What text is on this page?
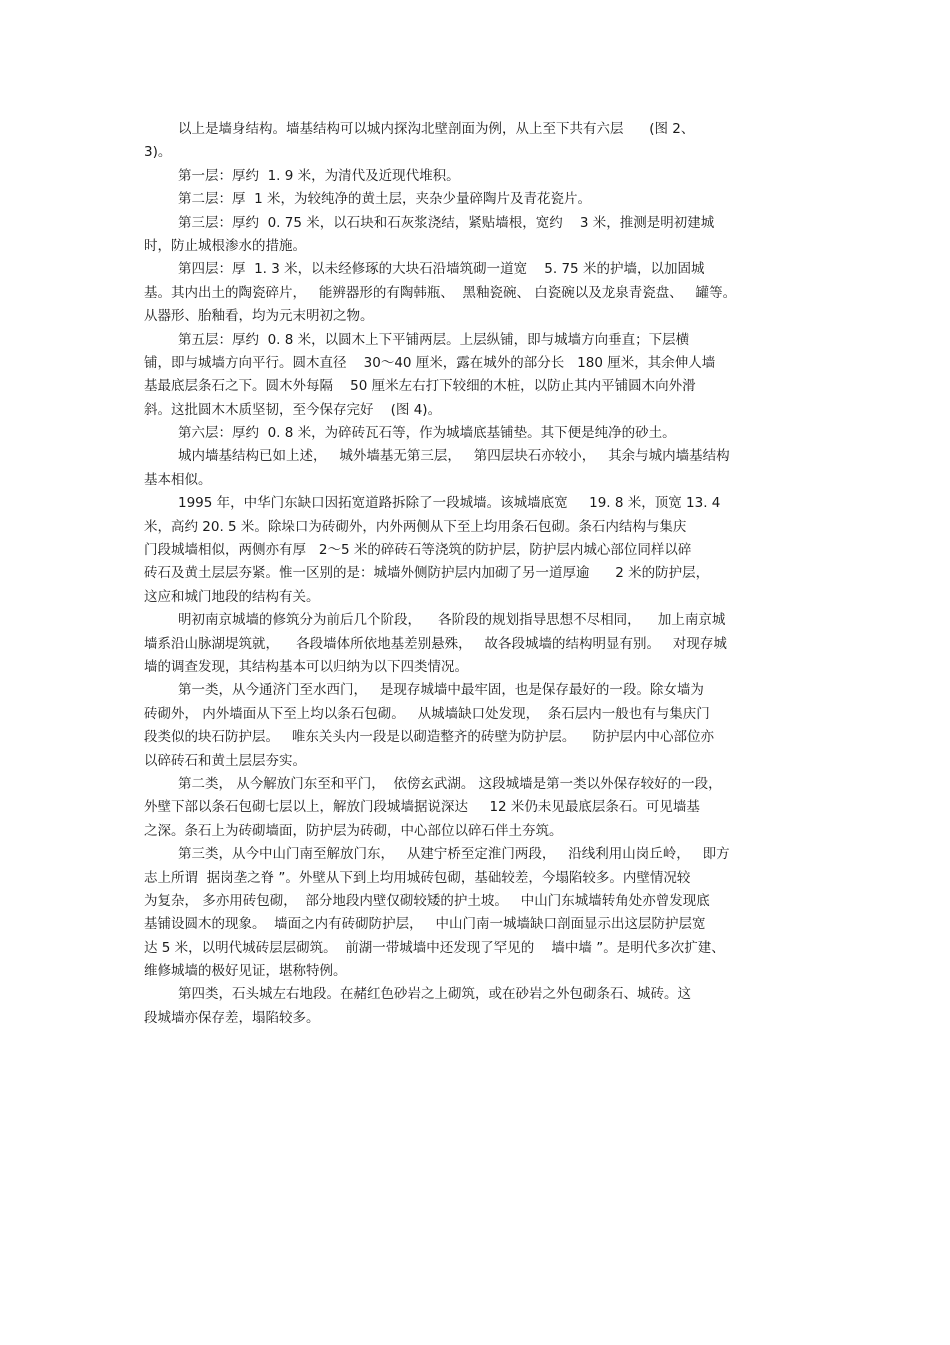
以上是墙身结构。墙基结构可以城内探沟北壁剖面为例，从上至下共有六层      (图 2、
3)。
第一层：厚约  1. 9 米，为清代及近现代堆积。
第二层：厚  1 米，为较纯净的黄土层，夹杂少量碎陶片及青花瓷片。
第三层：厚约  0. 75 米，以石块和石灰浆浇结，紧贴墙根，宽约    3 米，推测是明初建城
时，防止城根渗水的措施。
第四层：厚  1. 3 米，以未经修琢的大块石沿墙筑砌一道宽    5. 75 米的护墙，以加固城
基。其内出土的陶瓷碎片，   能辨器形的有陶韩瓶、  黑釉瓷碗、 白瓷碗以及龙泉青瓷盘、   罐等。
从器形、胎釉看，均为元末明初之物。
第五层：厚约  0. 8 米，以圆木上下平铺两层。上层纵铺，即与城墙方向垂直；下层横
铺，即与城墙方向平行。圆木直径    30～40 厘米，露在城外的部分长   180 厘米，其余伸人墙
基最底层条石之下。圆木外每隔    50 厘米左右打下较细的木桩，以防止其内平铺圆木向外滑
斜。这批圆木木质坚韧，至今保存完好    (图 4)。
第六层：厚约  0. 8 米，为碎砖瓦石等，作为城墙底基铺垫。其下便是纯净的砂土。
城内墙基结构已如上述，   城外墙基无第三层，   第四层块石亦较小，   其余与城内墙基结构
基本相似。
1995 年，中华门东缺口因拓宽道路拆除了一段城墙。该城墙底宽     19. 8 米，顶宽 13. 4
米，高约 20. 5 米。除垛口为砖砌外，内外两侧从下至上均用条石包砌。条石内结构与集庆
门段城墙相似，两侧亦有厚   2～5 米的碎砖石等浇筑的防护层，防护层内城心部位同样以碎
砖石及黄土层层夯紧。惟一区别的是：城墙外侧防护层内加砌了另一道厚逾      2 米的防护层，
这应和城门地段的结构有关。
明初南京城墙的修筑分为前后几个阶段，    各阶段的规划指导思想不尽相同，    加上南京城
墙系沿山脉湖堤筑就，    各段墙体所依地基差别悬殊，   故各段城墙的结构明显有别。   对现存城
墙的调查发现，其结构基本可以归纳为以下四类情况。
第一类，从今通济门至水西门，   是现存城墙中最牢固，也是保存最好的一段。除女墙为
砖砌外， 内外墙面从下至上均以条石包砌。   从城墙缺口处发现，  条石层内一般也有与集庆门
段类似的块石防护层。   唯东关头内一段是以砌造整齐的砖壁为防护层。    防护层内中心部位亦
以碎砖石和黄土层层夯实。
第二类， 从今解放门东至和平门，  依傍玄武湖。 这段城墙是第一类以外保存较好的一段，
外壁下部以条石包砌七层以上，解放门段城墙据说深达     12 米仍未见最底层条石。可见墙基
之深。条石上为砖砌墙面，防护层为砖砌，中心部位以碎石伴土夯筑。
第三类，从今中山门南至解放门东，   从建宁桥至定淮门两段，   沿线利用山岗丘岭，   即方
志上所谓  据岗垄之脊 ”。外壁从下到上均用城砖包砌，基础较差，今塌陷较多。内壁情况较
为复杂， 多亦用砖包砌，  部分地段内壁仅砌较矮的护土坡。   中山门东城墙转角处亦曾发现底
基铺设圆木的现象。  墙面之内有砖砌防护层，   中山门南一城墙缺口剖面显示出这层防护层宽
达 5 米，以明代城砖层层砌筑。  前湖一带城墙中还发现了罕见的    墙中墙 ”。是明代多次扩建、
维修城墙的极好见证，堪称特例。
第四类，石头城左右地段。在赭红色砂岩之上砌筑，或在砂岩之外包砌条石、城砖。这
段城墙亦保存差，塌陷较多。
